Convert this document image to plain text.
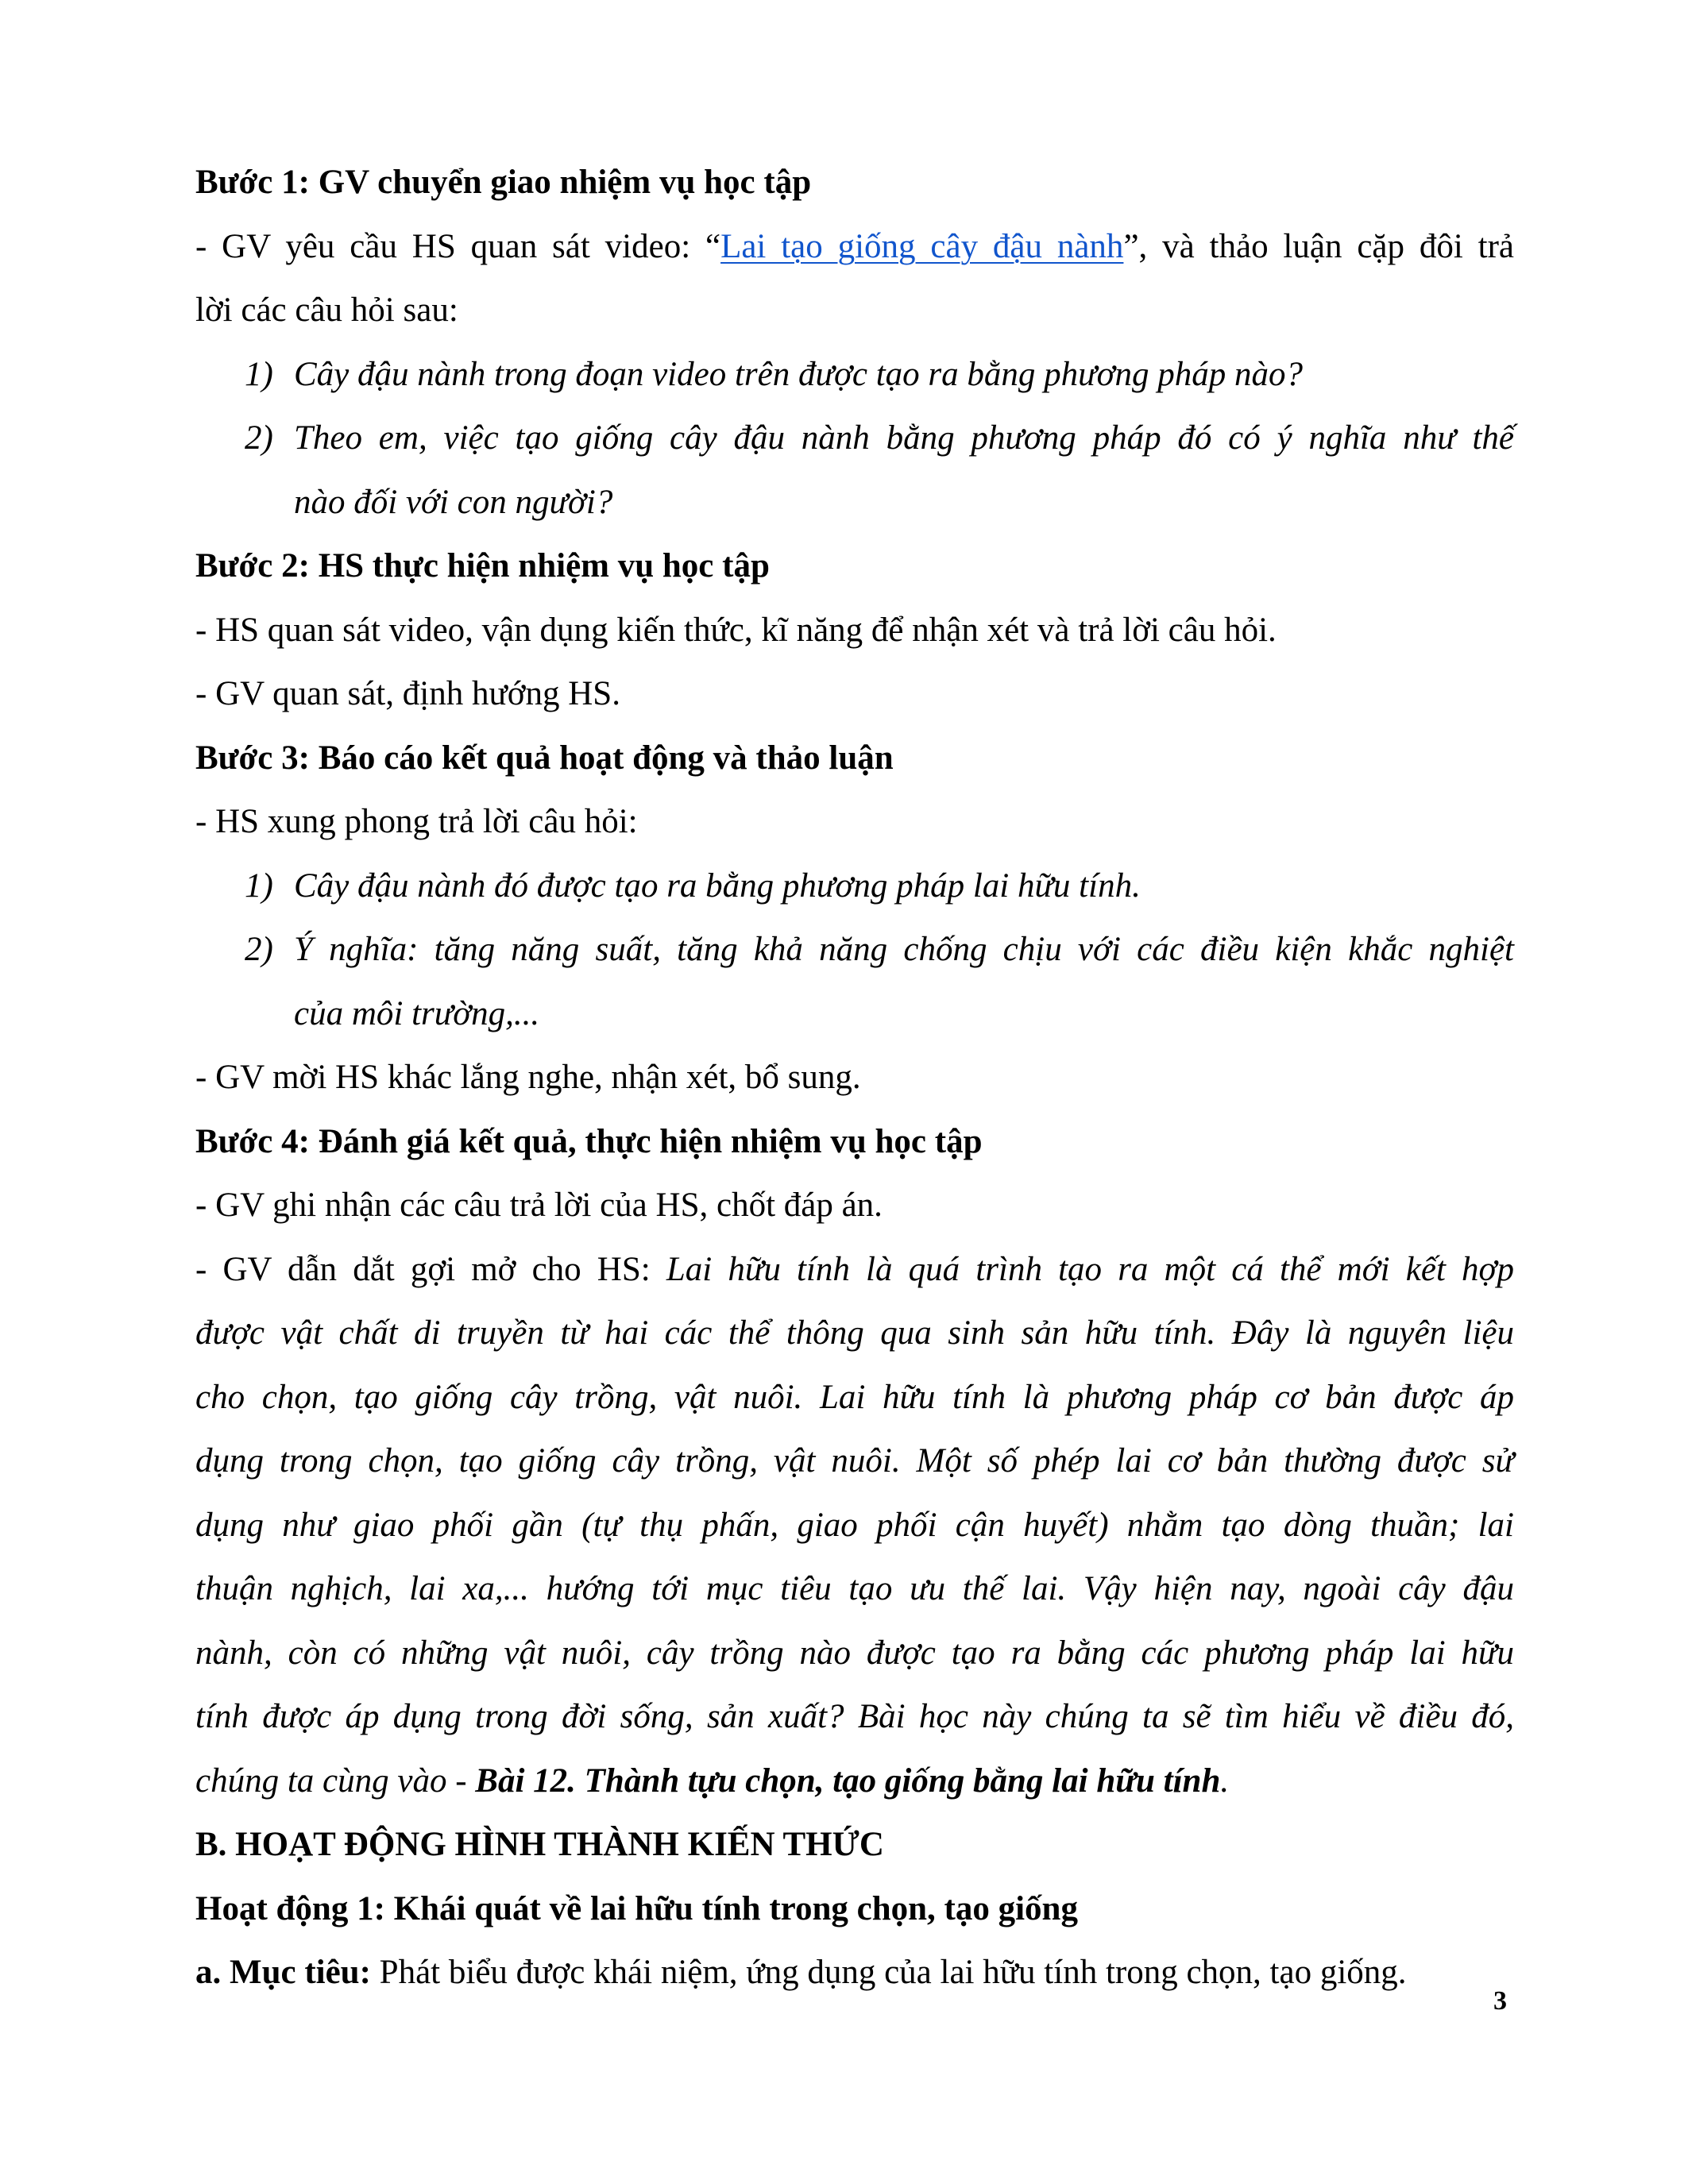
Bước 1: GV chuyển giao nhiệm vụ học tập
- GV yêu cầu HS quan sát video: “Lai tạo giống cây đậu nành”, và thảo luận cặp đôi trả
lời các câu hỏi sau:
1) Cây đậu nành trong đoạn video trên được tạo ra bằng phương pháp nào?
2) Theo em, việc tạo giống cây đậu nành bằng phương pháp đó có ý nghĩa như thế
nào đối với con người?
Bước 2: HS thực hiện nhiệm vụ học tập
- HS quan sát video, vận dụng kiến thức, kĩ năng để nhận xét và trả lời câu hỏi.
- GV quan sát, định hướng HS.
Bước 3: Báo cáo kết quả hoạt động và thảo luận
- HS xung phong trả lời câu hỏi:
1) Cây đậu nành đó được tạo ra bằng phương pháp lai hữu tính.
2) Ý nghĩa: tăng năng suất, tăng khả năng chống chịu với các điều kiện khắc nghiệt
của môi trường,...
- GV mời HS khác lắng nghe, nhận xét, bổ sung.
Bước 4: Đánh giá kết quả, thực hiện nhiệm vụ học tập
- GV ghi nhận các câu trả lời của HS, chốt đáp án.
- GV dẫn dắt gợi mở cho HS: Lai hữu tính là quá trình tạo ra một cá thể mới kết hợp
được vật chất di truyền từ hai các thể thông qua sinh sản hữu tính. Đây là nguyên liệu
cho chọn, tạo giống cây trồng, vật nuôi. Lai hữu tính là phương pháp cơ bản được áp
dụng trong chọn, tạo giống cây trồng, vật nuôi. Một số phép lai cơ bản thường được sử
dụng như giao phối gần (tự thụ phấn, giao phối cận huyết) nhằm tạo dòng thuần; lai
thuận nghịch, lai xa,... hướng tới mục tiêu tạo ưu thế lai. Vậy hiện nay, ngoài cây đậu
nành, còn có những vật nuôi, cây trồng nào được tạo ra bằng các phương pháp lai hữu
tính được áp dụng trong đời sống, sản xuất? Bài học này chúng ta sẽ tìm hiểu về điều đó,
chúng ta cùng vào - Bài 12. Thành tựu chọn, tạo giống bằng lai hữu tính.
B. HOẠT ĐỘNG HÌNH THÀNH KIẾN THỨC
Hoạt động 1: Khái quát về lai hữu tính trong chọn, tạo giống
a. Mục tiêu: Phát biểu được khái niệm, ứng dụng của lai hữu tính trong chọn, tạo giống.
3
